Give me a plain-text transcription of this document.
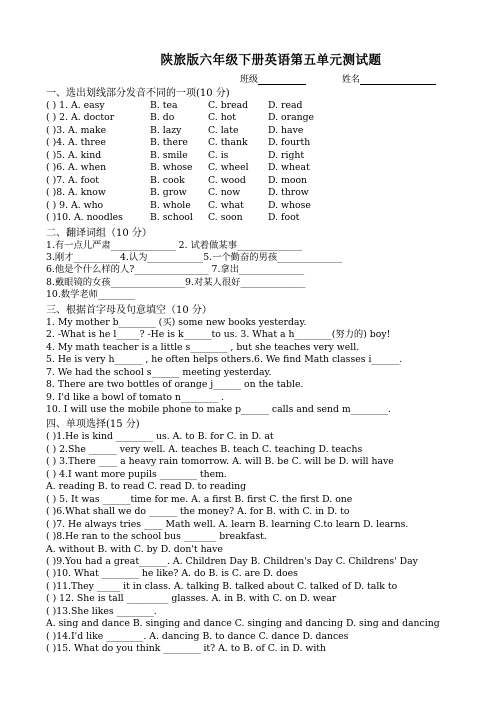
陕旅版六年级下册英语第五单元测试题
班级	姓名
一、选出划线部分发音不同的一项(10 分)
( ) 1. A. easy	B. tea	C. bread	D. read
( ) 2. A. doctor	B. do	C. hot	D. orange
( )3. A. make	B. lazy	C. late	D. have
( )4. A. three	B. there	C. thank	D. fourth
( )5. A. kind	B. smile	C. is	D. right
( )6. A. when	B. whose	C. wheel	D. wheat
( )7. A. foot	B. cook	C. wood	D. moon
( )8. A. know	B. grow	C. now	D. throw
( ) 9. A. who	B. whole	C. what	D. whose
( )10. A. noodles	B. school	C. soon	D. foot
二、翻译词组（10 分）
1.有一点儿严肃______________ 2. 试着做某事______________
3.刚才__________4.认为____________5.一个勤奋的男孩______________
6.他是个什么样的人?________________ 7.拿出______________
8.戴眼镜的女孩________________9.对某人很好______________
10.数学老师________
三、根据首字母及句意填空（10 分）
1. My mother b________ (买) some new books yesterday.
2. -What is he l_____? -He is k______to us. 3. What a h________(努力的) boy!
4. My math teacher is a little s________ , but she teaches very well.
5. He is very h______ , he often helps others.6. We find Math classes i______.
7. We had the school s______ meeting yesterday.
8. There are two bottles of orange j______ on the table.
9. I'd like a bowl of tomato n________ .
10. I will use the mobile phone to make p______ calls and send m________.
四、单项选择(15 分)
( )1.He is kind ________ us. A. to B. for C. in D. at
( ) 2.She ______ very well. A. teaches B. teach C. teaching D. teachs
( ) 3.There ____ a heavy rain tomorrow. A. will B. be C. will be D. will have
( ) 4.I want more pupils ________ them.
A. reading B. to read C. read D. to reading
( ) 5. It was ______time for me. A. a first B. first C. the first D. one
( )6.What shall we do ______ the money? A. for B. with C. in D. to
( )7. He always tries ____ Math well. A. learn B. learning C.to learn D. learns.
( )8.He ran to the school bus _______ breakfast.
A. without B. with C. by D. don't have
( )9.You had a great______. A. Children Day B. Children's Day C. Childrens' Day
( )10. What ________ he like? A. do B. is C. are D. does
( )11.They _____ it in class. A. talking B. talked about C. talked of D. talk to
( ) 12. She is tall _________ glasses. A. in B. with C. on D. wear
( )13.She likes ________.
A. sing and dance B. singing and dance C. singing and dancing D. sing and dancing
( )14.I'd like ________. A. dancing B. to dance C. dance D. dances
( )15. What do you think ________ it? A. to B. of C. in D. with
